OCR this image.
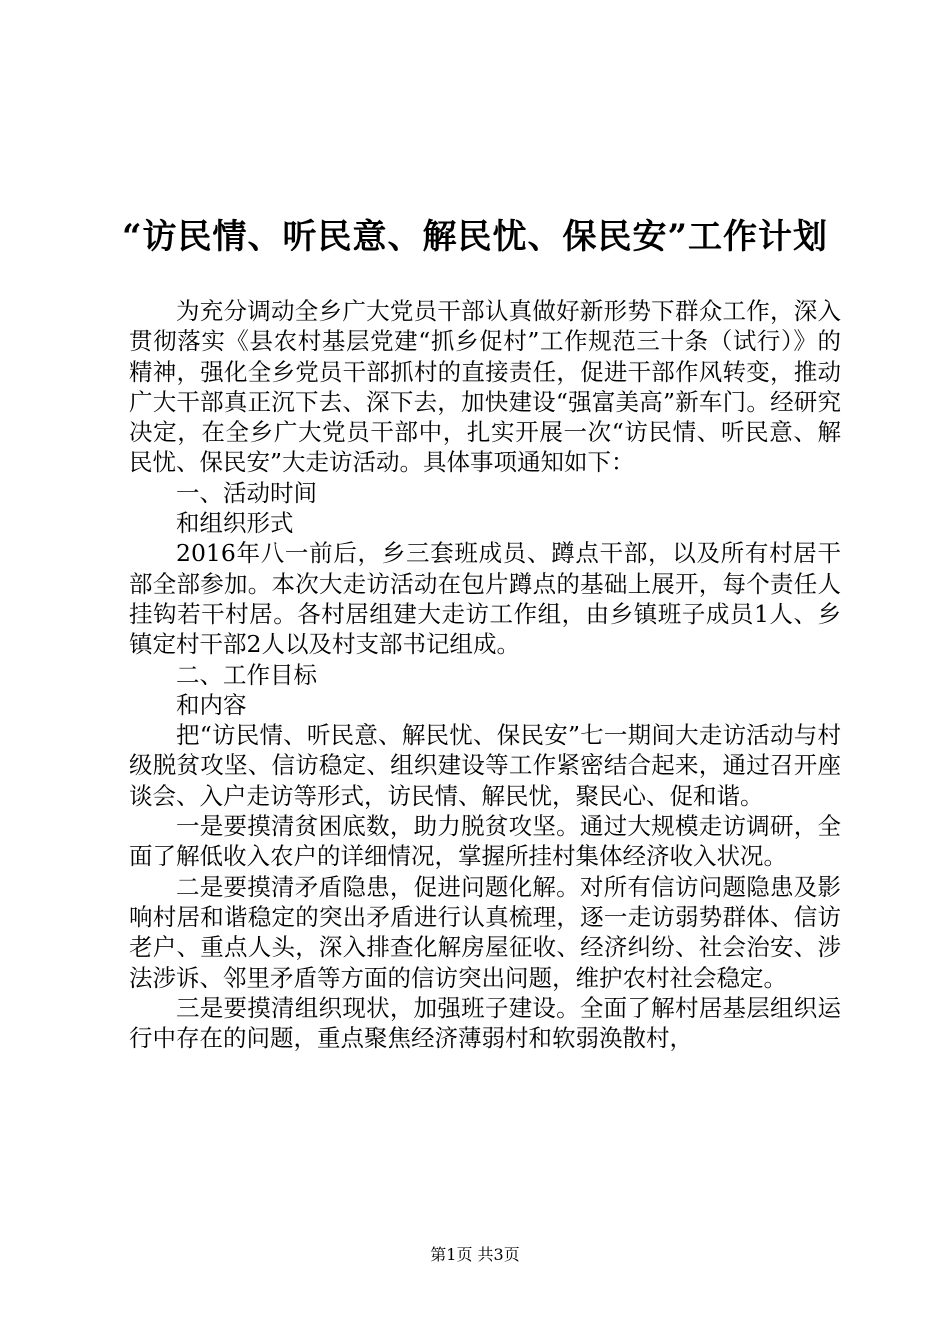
“访民情、听民意、解民忧、保民安”工作计划

为充分调动全乡广大党员干部认真做好新形势下群众工作，深入贯彻落实《县农村基层党建“抓乡促村”工作规范三十条（试行）》的精神，强化全乡党员干部抓村的直接责任，促进干部作风转变，推动广大干部真正沉下去、深下去，加快建设“强富美高”新车门。经研究决定，在全乡广大党员干部中，扎实开展一次“访民情、听民意、解民忧、保民安”大走访活动。具体事项通知如下：

一、活动时间

和组织形式

2016年八一前后，乡三套班成员、蹲点干部，以及所有村居干部全部参加。本次大走访活动在包片蹲点的基础上展开，每个责任人挂钩若干村居。各村居组建大走访工作组，由乡镇班子成员1人、乡镇定村干部2人以及村支部书记组成。

二、工作目标

和内容

把“访民情、听民意、解民忧、保民安”七一期间大走访活动与村级脱贫攻坚、信访稳定、组织建设等工作紧密结合起来，通过召开座谈会、入户走访等形式，访民情、解民忧，聚民心、促和谐。

一是要摸清贫困底数，助力脱贫攻坚。通过大规模走访调研，全面了解低收入农户的详细情况，掌握所挂村集体经济收入状况。

二是要摸清矛盾隐患，促进问题化解。对所有信访问题隐患及影响村居和谐稳定的突出矛盾进行认真梳理，逐一走访弱势群体、信访老户、重点人头，深入排查化解房屋征收、经济纠纷、社会治安、涉法涉诉、邻里矛盾等方面的信访突出问题，维护农村社会稳定。

三是要摸清组织现状，加强班子建设。全面了解村居基层组织运行中存在的问题，重点聚焦经济薄弱村和软弱涣散村，

第1页 共3页
